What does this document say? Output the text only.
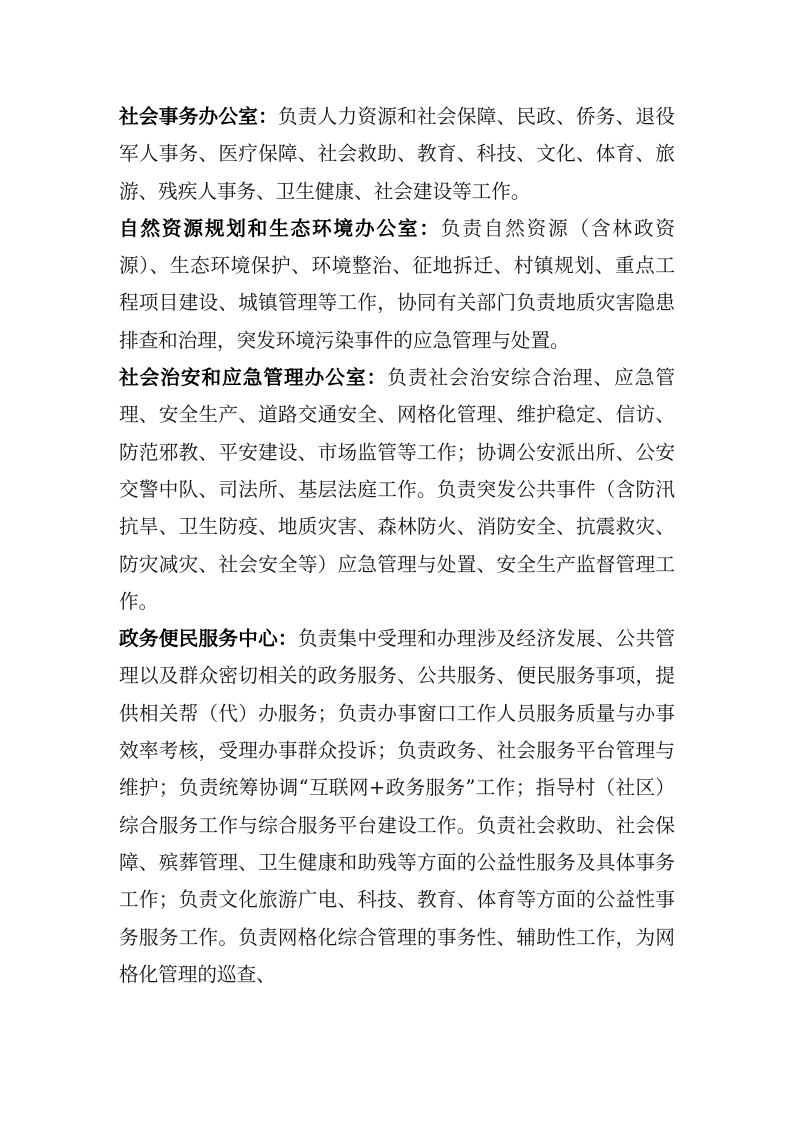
社会事务办公室：负责人力资源和社会保障、民政、侨务、退役军人事务、医疗保障、社会救助、教育、科技、文化、体育、旅游、残疾人事务、卫生健康、社会建设等工作。

自然资源规划和生态环境办公室：负责自然资源（含林政资源）、生态环境保护、环境整治、征地拆迁、村镇规划、重点工程项目建设、城镇管理等工作，协同有关部门负责地质灾害隐患排查和治理，突发环境污染事件的应急管理与处置。

社会治安和应急管理办公室：负责社会治安综合治理、应急管理、安全生产、道路交通安全、网格化管理、维护稳定、信访、防范邪教、平安建设、市场监管等工作；协调公安派出所、公安交警中队、司法所、基层法庭工作。负责突发公共事件（含防汛抗旱、卫生防疫、地质灾害、森林防火、消防安全、抗震救灾、防灾减灾、社会安全等）应急管理与处置、安全生产监督管理工作。

政务便民服务中心：负责集中受理和办理涉及经济发展、公共管理以及群众密切相关的政务服务、公共服务、便民服务事项，提供相关帮（代）办服务；负责办事窗口工作人员服务质量与办事效率考核，受理办事群众投诉；负责政务、社会服务平台管理与维护；负责统筹协调“互联网+政务服务”工作；指导村（社区）综合服务工作与综合服务平台建设工作。负责社会救助、社会保障、殡葬管理、卫生健康和助残等方面的公益性服务及具体事务工作；负责文化旅游广电、科技、教育、体育等方面的公益性事务服务工作。负责网格化综合管理的事务性、辅助性工作，为网格化管理的巡查、
